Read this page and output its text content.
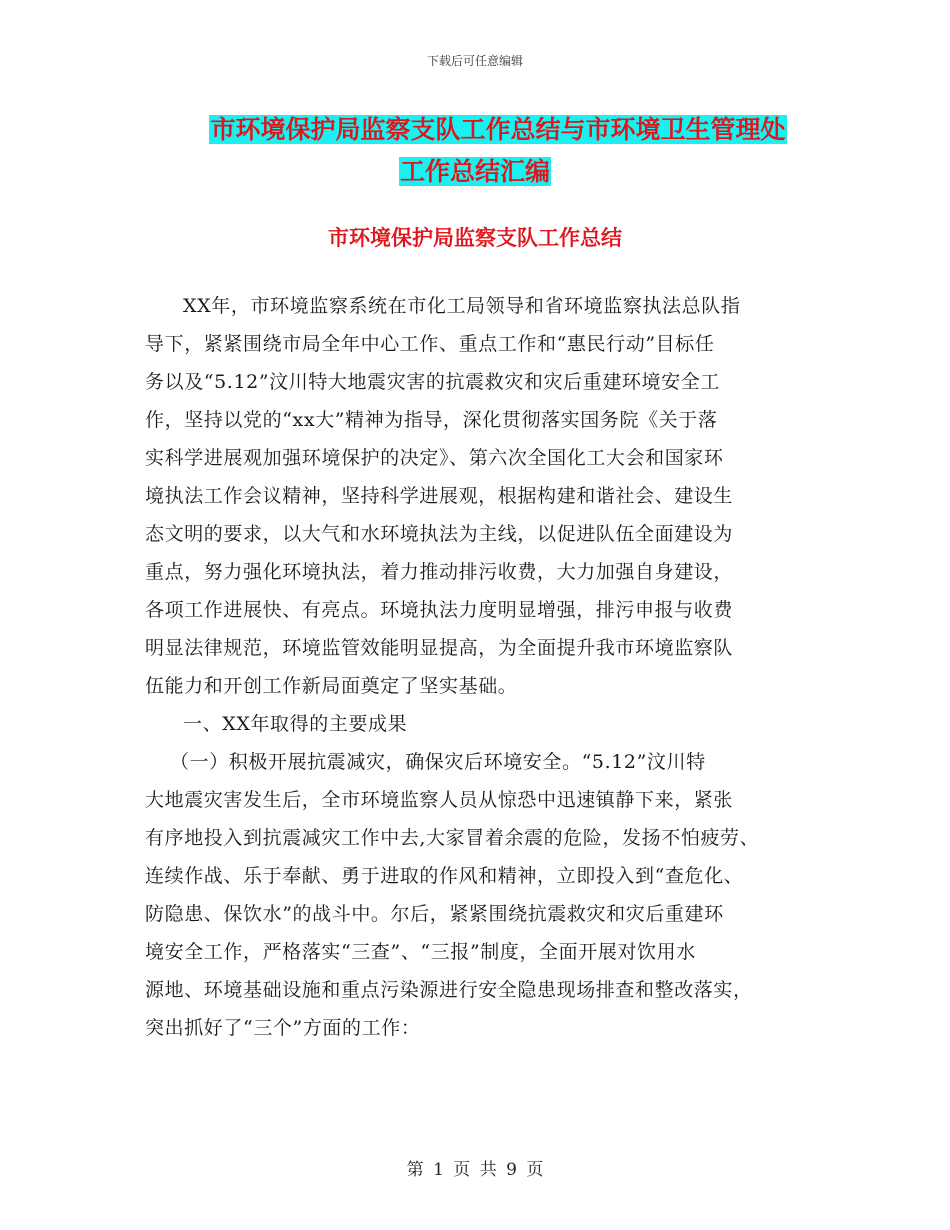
下载后可任意编辑
市环境保护局监察支队工作总结与市环境卫生管理处
工作总结汇编
市环境保护局监察支队工作总结
XX年，市环境监察系统在市化工局领导和省环境监察执法总队指
导下，紧紧围绕市局全年中心工作、重点工作和“惠民行动”目标任
务以及“5.12”汶川特大地震灾害的抗震救灾和灾后重建环境安全工
作，坚持以党的“xx大”精神为指导，深化贯彻落实国务院《关于落
实科学进展观加强环境保护的决定》、第六次全国化工大会和国家环
境执法工作会议精神，坚持科学进展观，根据构建和谐社会、建设生
态文明的要求，以大气和水环境执法为主线，以促进队伍全面建设为
重点，努力强化环境执法，着力推动排污收费，大力加强自身建设，
各项工作进展快、有亮点。环境执法力度明显增强，排污申报与收费
明显法律规范，环境监管效能明显提高，为全面提升我市环境监察队
伍能力和开创工作新局面奠定了坚实基础。
一、XX年取得的主要成果
（一）积极开展抗震减灾，确保灾后环境安全。“5.12”汶川特
大地震灾害发生后，全市环境监察人员从惊恐中迅速镇静下来，紧张
有序地投入到抗震减灾工作中去,大家冒着余震的危险，发扬不怕疲劳、
连续作战、乐于奉献、勇于进取的作风和精神，立即投入到“查危化、
防隐患、保饮水”的战斗中。尔后，紧紧围绕抗震救灾和灾后重建环
境安全工作，严格落实“三查”、“三报”制度，全面开展对饮用水
源地、环境基础设施和重点污染源进行安全隐患现场排查和整改落实，
突出抓好了“三个”方面的工作：
第 1 页 共 9 页
